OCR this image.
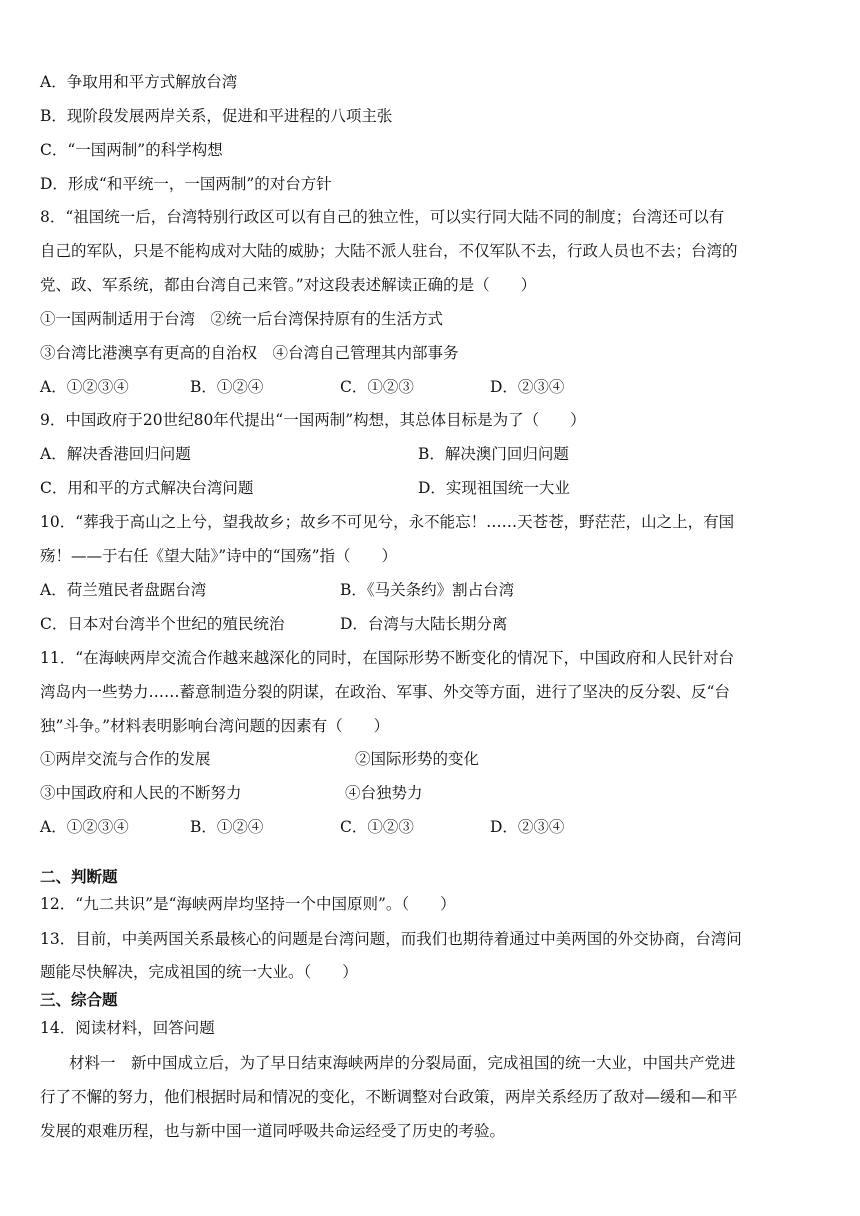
A．争取用和平方式解放台湾
B．现阶段发展两岸关系，促进和平进程的八项主张
C．“一国两制”的科学构想
D．形成“和平统一，一国两制”的对台方针
8．“祖国统一后，台湾特别行政区可以有自己的独立性，可以实行同大陆不同的制度；台湾还可以有
自己的军队，只是不能构成对大陆的威胁；大陆不派人驻台，不仅军队不去，行政人员也不去；台湾的
党、政、军系统，都由台湾自己来管。”对这段表述解读正确的是（　　）
①一国两制适用于台湾　②统一后台湾保持原有的生活方式
③台湾比港澳享有更高的自治权　④台湾自己管理其内部事务
A．①②③④	B．①②④	C．①②③	D．②③④
9．中国政府于20世纪80年代提出“一国两制”构想，其总体目标是为了（　　）
A．解决香港回归问题	B．解决澳门回归问题
C．用和平的方式解决台湾问题	D．实现祖国统一大业
10．“葬我于高山之上兮，望我故乡；故乡不可见兮，永不能忘！……天苍苍，野茫茫，山之上，有国
殇！——于右任《望大陆》”诗中的“国殇”指（　　）
A．荷兰殖民者盘踞台湾	B．《马关条约》割占台湾
C．日本对台湾半个世纪的殖民统治	D．台湾与大陆长期分离
11．“在海峡两岸交流合作越来越深化的同时，在国际形势不断变化的情况下，中国政府和人民针对台
湾岛内一些势力……蓄意制造分裂的阴谋，在政治、军事、外交等方面，进行了坚决的反分裂、反“台
独”斗争。”材料表明影响台湾问题的因素有（　　）
①两岸交流与合作的发展	②国际形势的变化
③中国政府和人民的不断努力	④台独势力
A．①②③④	B．①②④	C．①②③	D．②③④
二、判断题
12．“九二共识”是“海峡两岸均坚持一个中国原则”。（　　）
13．目前，中美两国关系最核心的问题是台湾问题，而我们也期待着通过中美两国的外交协商，台湾问
题能尽快解决，完成祖国的统一大业。（　　）
三、综合题
14．阅读材料，回答问题
材料一　新中国成立后，为了早日结束海峡两岸的分裂局面，完成祖国的统一大业，中国共产党进
行了不懈的努力，他们根据时局和情况的变化，不断调整对台政策，两岸关系经历了敌对—缓和—和平
发展的艰难历程，也与新中国一道同呼吸共命运经受了历史的考验。
